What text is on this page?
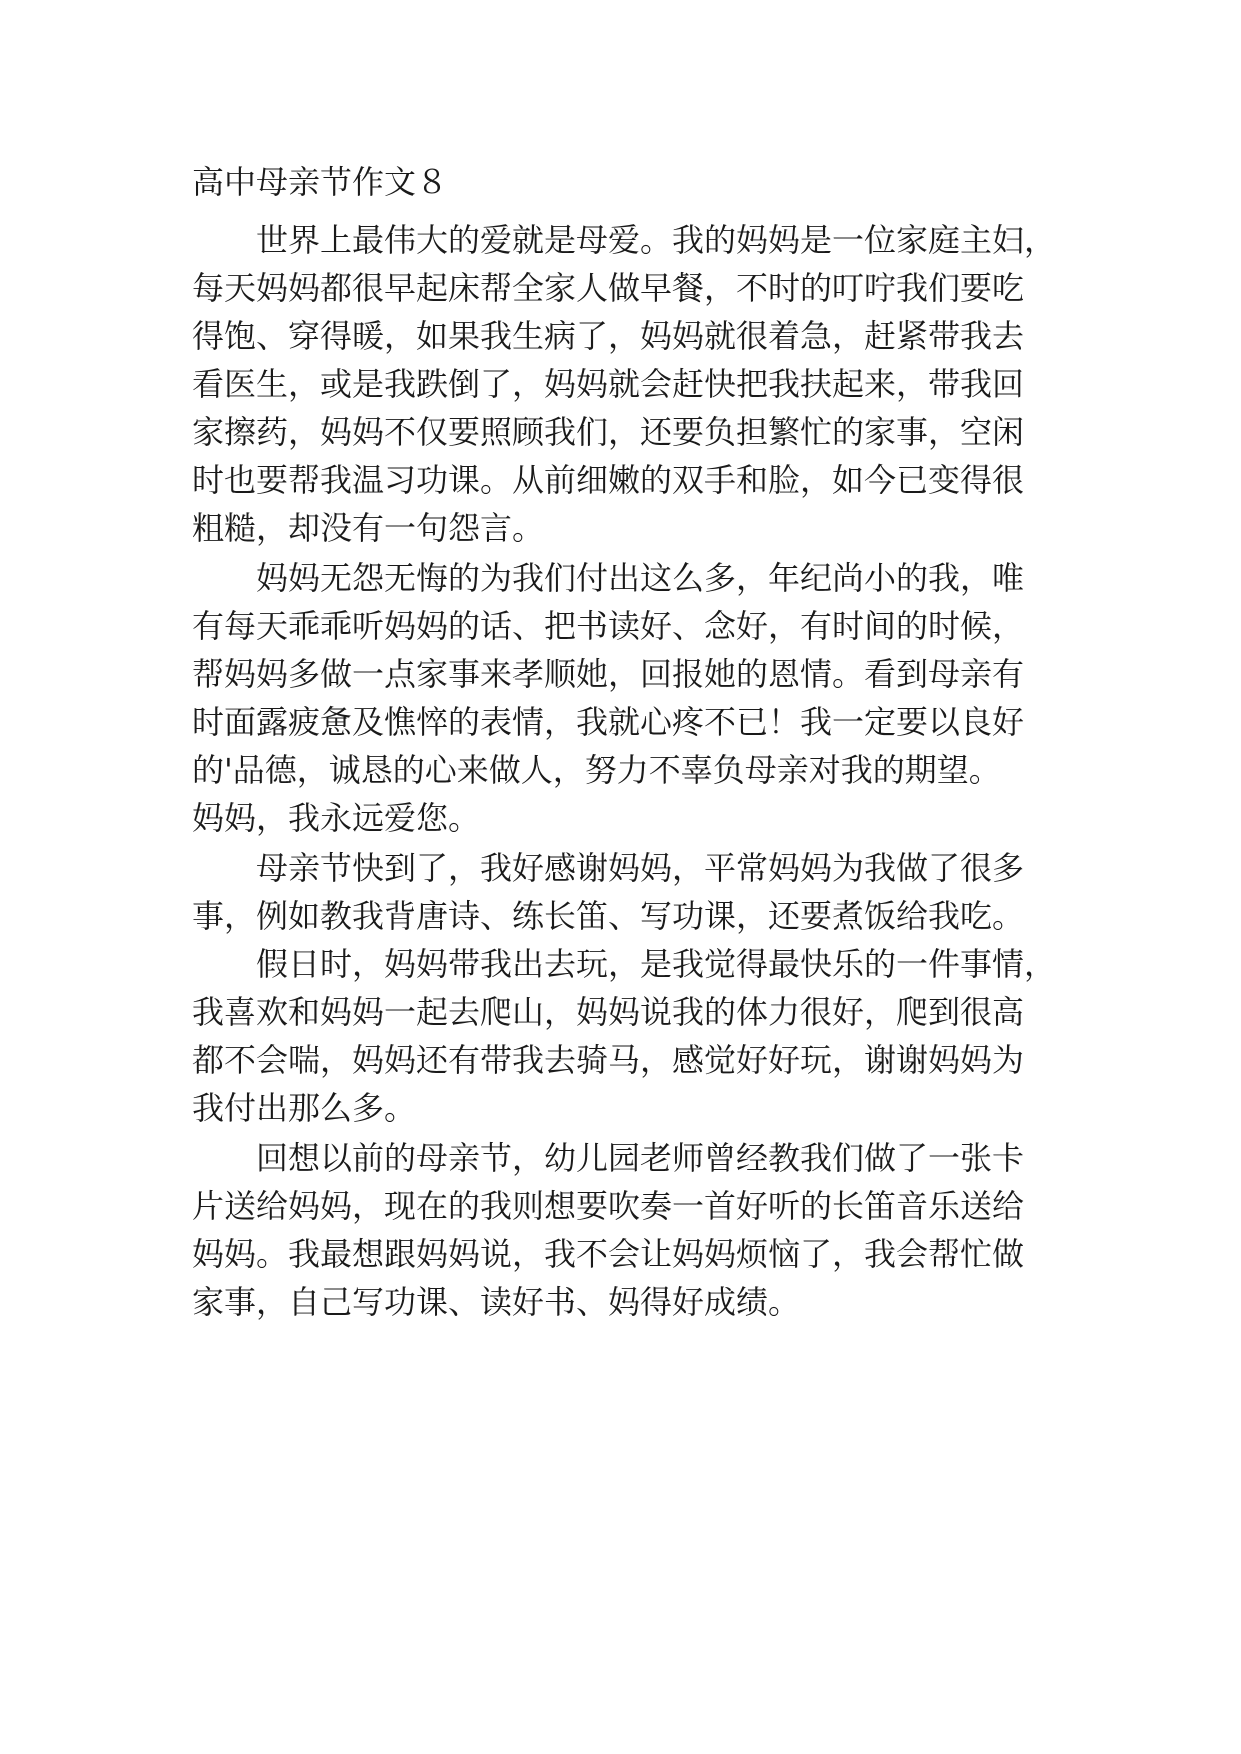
高中母亲节作文８
世界上最伟大的爱就是母爱。我的妈妈是一位家庭主妇，
每天妈妈都很早起床帮全家人做早餐，不时的叮咛我们要吃
得饱、穿得暖，如果我生病了，妈妈就很着急，赶紧带我去
看医生，或是我跌倒了，妈妈就会赶快把我扶起来，带我回
家擦药，妈妈不仅要照顾我们，还要负担繁忙的家事，空闲
时也要帮我温习功课。从前细嫩的双手和脸，如今已变得很
粗糙，却没有一句怨言。
妈妈无怨无悔的为我们付出这么多，年纪尚小的我，唯
有每天乖乖听妈妈的话、把书读好、念好，有时间的时候，
帮妈妈多做一点家事来孝顺她，回报她的恩情。看到母亲有
时面露疲惫及憔悴的表情，我就心疼不已！我一定要以良好
的'品德，诚恳的心来做人，努力不辜负母亲对我的期望。
妈妈，我永远爱您。
母亲节快到了，我好感谢妈妈，平常妈妈为我做了很多
事，例如教我背唐诗、练长笛、写功课，还要煮饭给我吃。
假日时，妈妈带我出去玩，是我觉得最快乐的一件事情，
我喜欢和妈妈一起去爬山，妈妈说我的体力很好，爬到很高
都不会喘，妈妈还有带我去骑马，感觉好好玩，谢谢妈妈为
我付出那么多。
回想以前的母亲节，幼儿园老师曾经教我们做了一张卡
片送给妈妈，现在的我则想要吹奏一首好听的长笛音乐送给
妈妈。我最想跟妈妈说，我不会让妈妈烦恼了，我会帮忙做
家事，自己写功课、读好书、妈得好成绩。
